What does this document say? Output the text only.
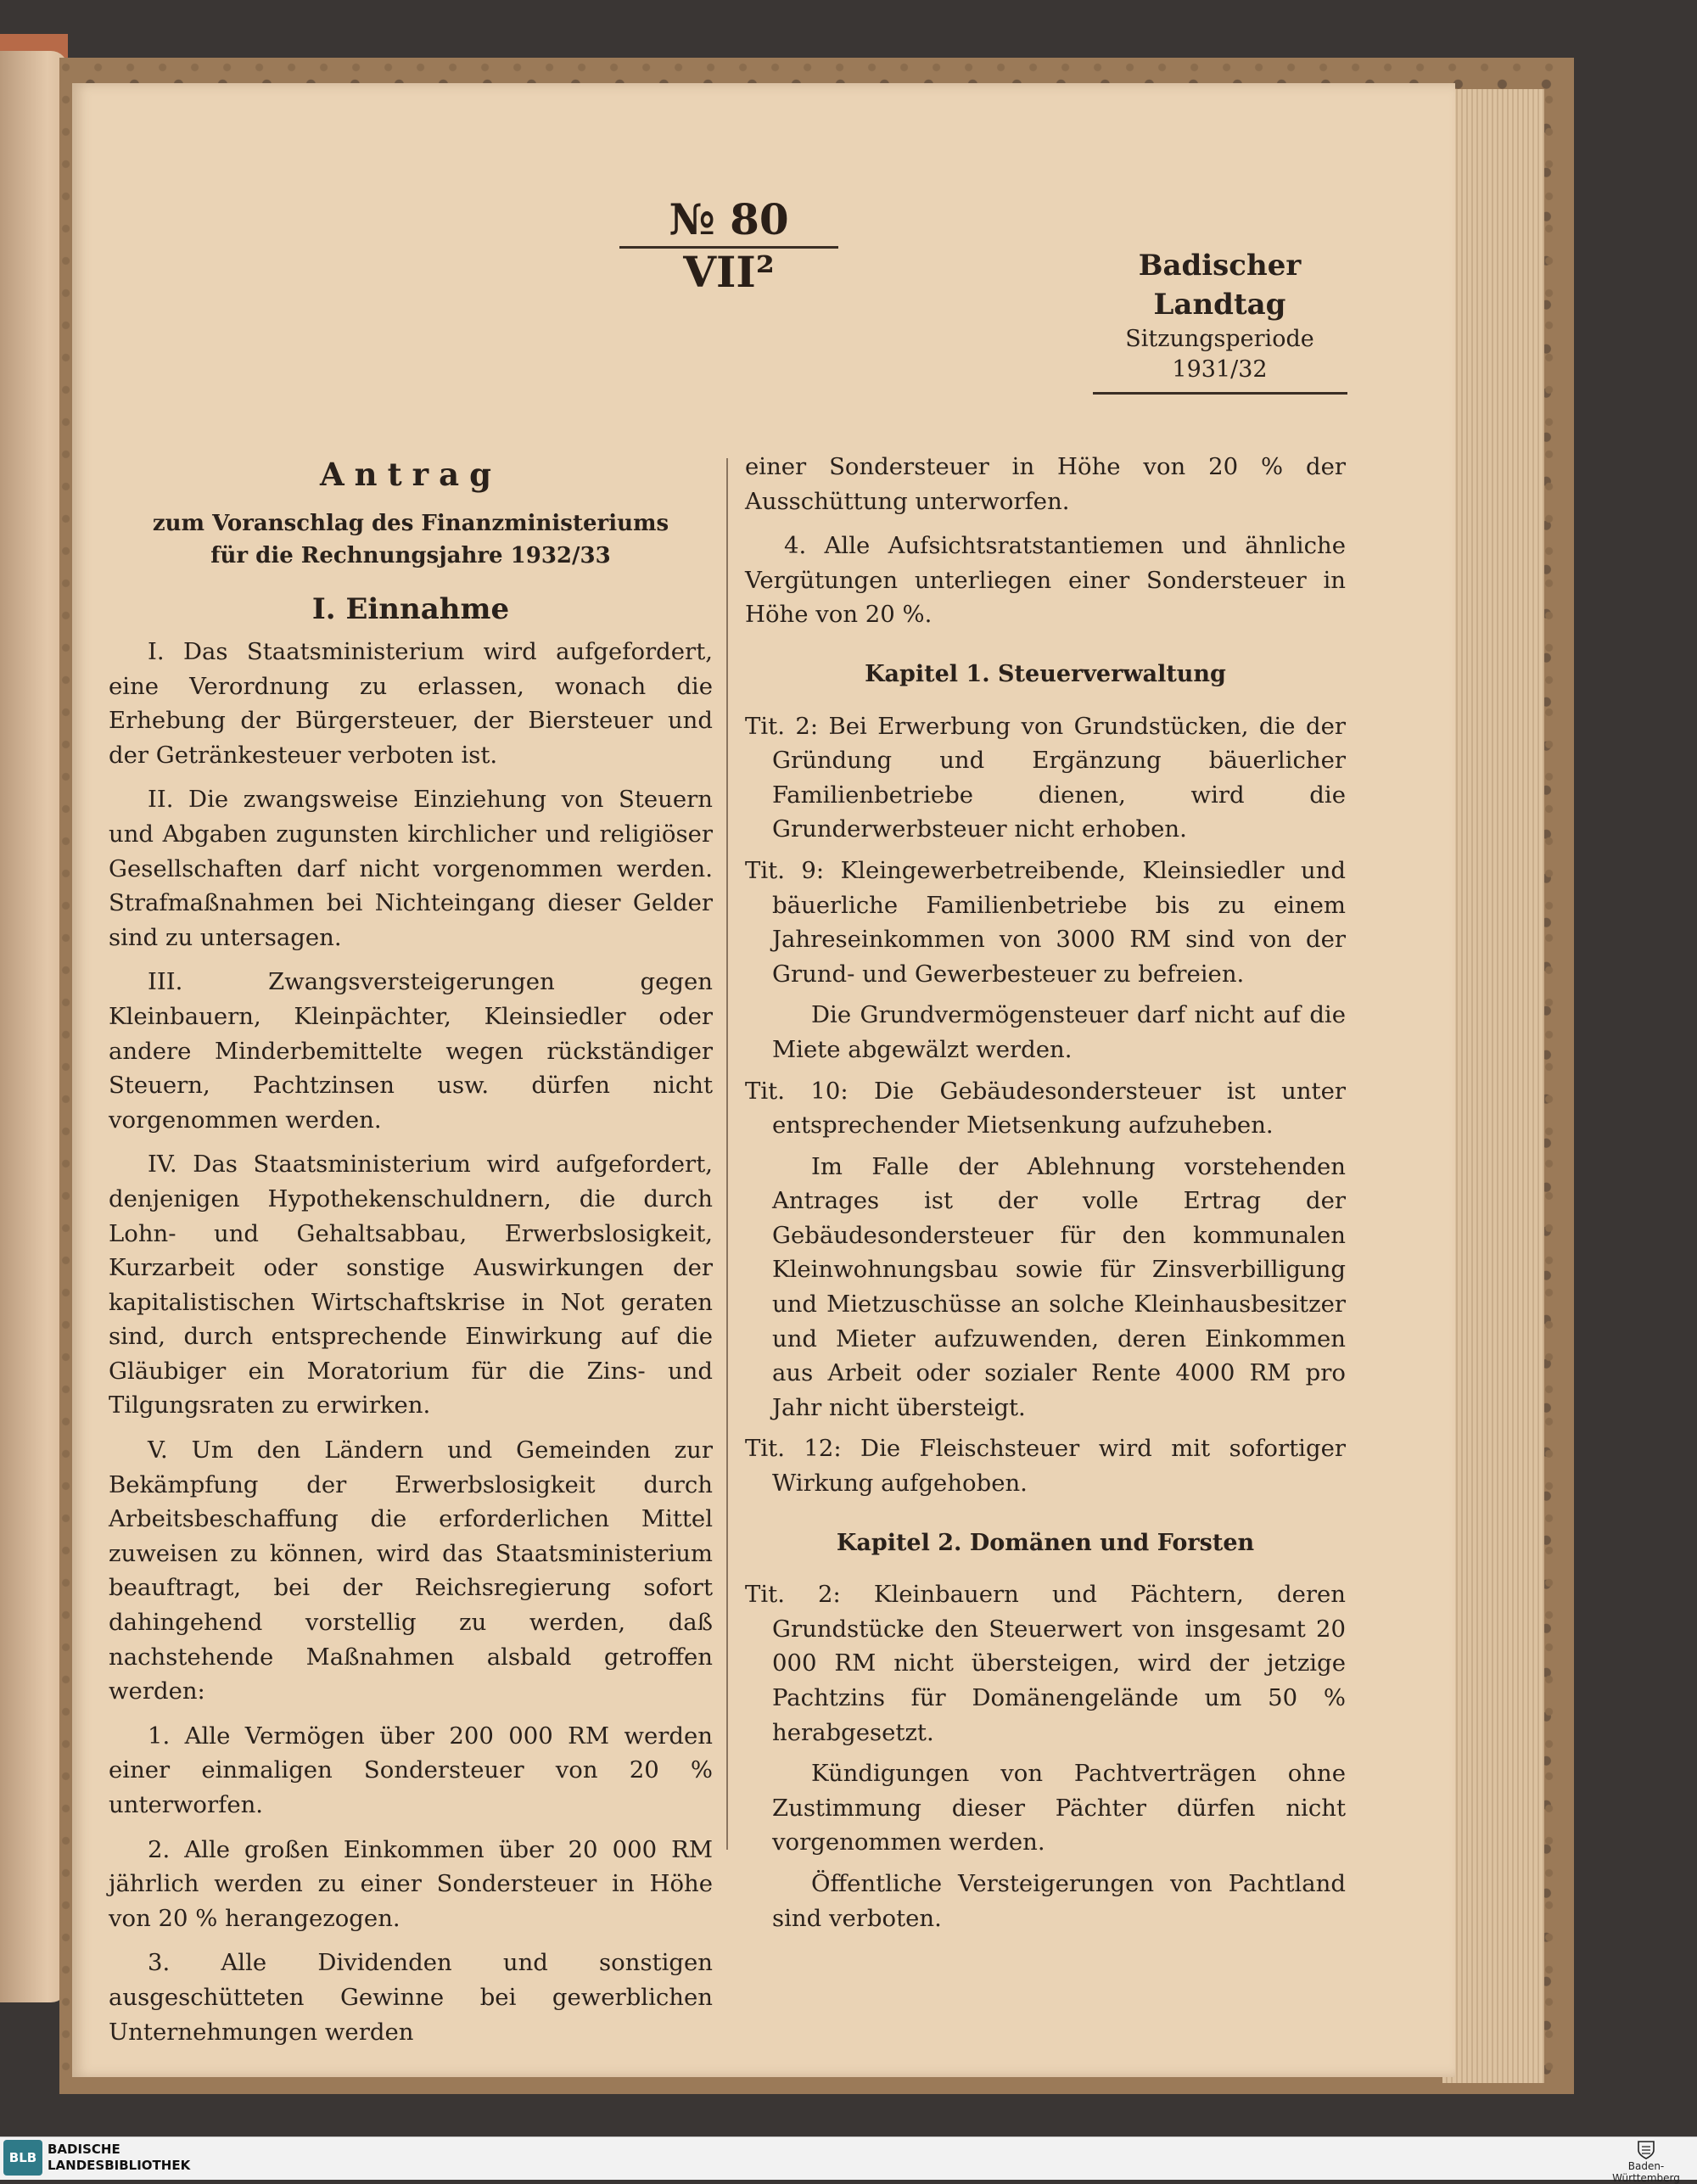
№ 80 VII²	Badischer Landtag
Sitzungsperiode
1931/32
Antrag
zum Voranschlag des Finanzministeriums
für die Rechnungsjahre 1932/33
I. Einnahme

I. Das Staatsministerium wird aufgefordert, eine Verordnung zu erlassen, wonach die Erhebung der Bürgersteuer, der Biersteuer und der Getränkesteuer verboten ist.

II. Die zwangsweise Einziehung von Steuern und Abgaben zugunsten kirchlicher und religiöser Gesellschaften darf nicht vorgenommen werden. Strafmaßnahmen bei Nichteingang dieser Gelder sind zu untersagen.

III. Zwangsversteigerungen gegen Kleinbauern, Kleinpächter, Kleinsiedler oder andere Minderbemittelte wegen rückständiger Steuern, Pachtzinsen usw. dürfen nicht vorgenommen werden.

IV. Das Staatsministerium wird aufgefordert, denjenigen Hypothekenschuldnern, die durch Lohn- und Gehaltsabbau, Erwerbslosigkeit, Kurzarbeit oder sonstige Auswirkungen der kapitalistischen Wirtschaftskrise in Not geraten sind, durch entsprechende Einwirkung auf die Gläubiger ein Moratorium für die Zins- und Tilgungsraten zu erwirken.

V. Um den Ländern und Gemeinden zur Bekämpfung der Erwerbslosigkeit durch Arbeitsbeschaffung die erforderlichen Mittel zuweisen zu können, wird das Staatsministerium beauftragt, bei der Reichsregierung sofort dahingehend vorstellig zu werden, daß nachstehende Maßnahmen alsbald getroffen werden:

1. Alle Vermögen über 200 000 RM werden einer einmaligen Sondersteuer von 20 % unterworfen.

2. Alle großen Einkommen über 20 000 RM jährlich werden zu einer Sondersteuer in Höhe von 20 % herangezogen.

3. Alle Dividenden und sonstigen ausgeschütteten Gewinne bei gewerblichen Unternehmungen werden

einer Sondersteuer in Höhe von 20 % der Ausschüttung unterworfen.

4. Alle Aufsichtsratstantiemen und ähnliche Vergütungen unterliegen einer Sondersteuer in Höhe von 20 %.

Kapitel 1. Steuerverwaltung
Tit. 2: Bei Erwerbung von Grundstücken, die der Gründung und Ergänzung bäuerlicher Familienbetriebe dienen, wird die Grunderwerbsteuer nicht erhoben.
Tit. 9: Kleingewerbetreibende, Kleinsiedler und bäuerliche Familienbetriebe bis zu einem Jahreseinkommen von 3000 RM sind von der Grund- und Gewerbesteuer zu befreien.
Die Grundvermögensteuer darf nicht auf die Miete abgewälzt werden.
Tit. 10: Die Gebäudesondersteuer ist unter entsprechender Mietsenkung aufzuheben.
Im Falle der Ablehnung vorstehenden Antrages ist der volle Ertrag der Gebäudesondersteuer für den kommunalen Kleinwohnungsbau sowie für Zinsverbilligung und Mietzuschüsse an solche Kleinhausbesitzer und Mieter aufzuwenden, deren Einkommen aus Arbeit oder sozialer Rente 4000 RM pro Jahr nicht übersteigt.
Tit. 12: Die Fleischsteuer wird mit sofortiger Wirkung aufgehoben.
Kapitel 2. Domänen und Forsten
Tit. 2: Kleinbauern und Pächtern, deren Grundstücke den Steuerwert von insgesamt 20 000 RM nicht übersteigen, wird der jetzige Pachtzins für Domänengelände um 50 % herabgesetzt.
Kündigungen von Pachtverträgen ohne Zustimmung dieser Pächter dürfen nicht vorgenommen werden.
Öffentliche Versteigerungen von Pachtland sind verboten.
BLB
BADISCHE
LANDESBIBLIOTHEK	Baden-Württemberg
